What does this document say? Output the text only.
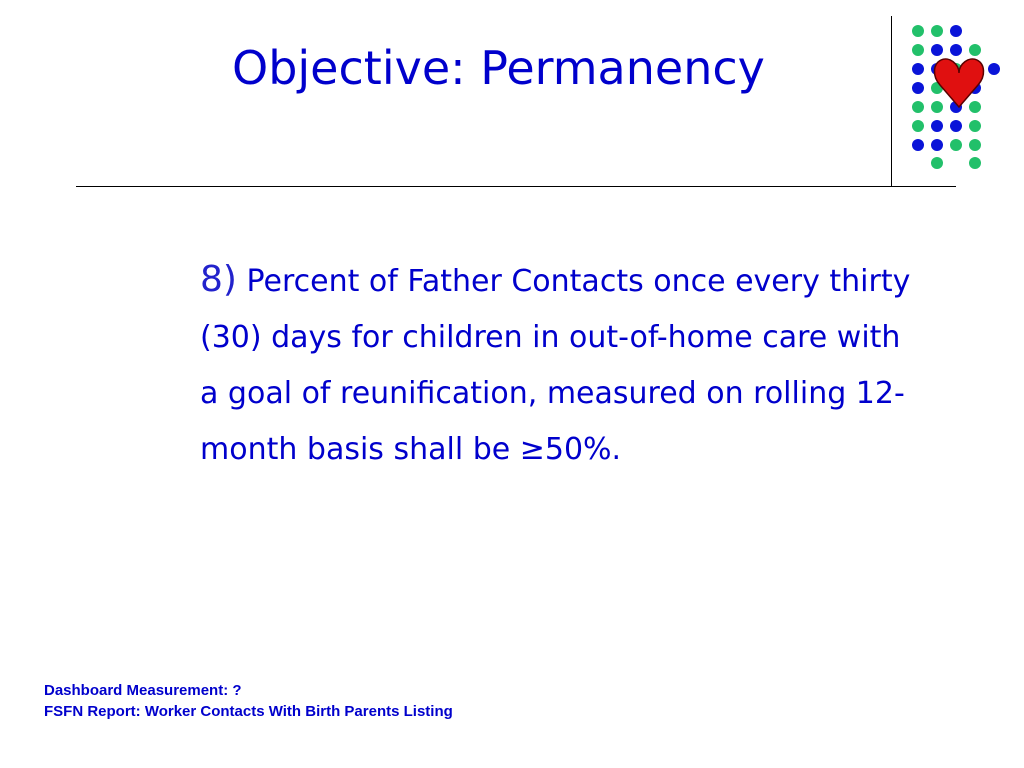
Objective: Permanency

8) Percent of Father Contacts once every thirty (30) days for children in out-of-home care with a goal of reunification, measured on rolling 12-month basis shall be ≥50%.

Dashboard Measurement: ?
FSFN Report: Worker Contacts With Birth Parents Listing
